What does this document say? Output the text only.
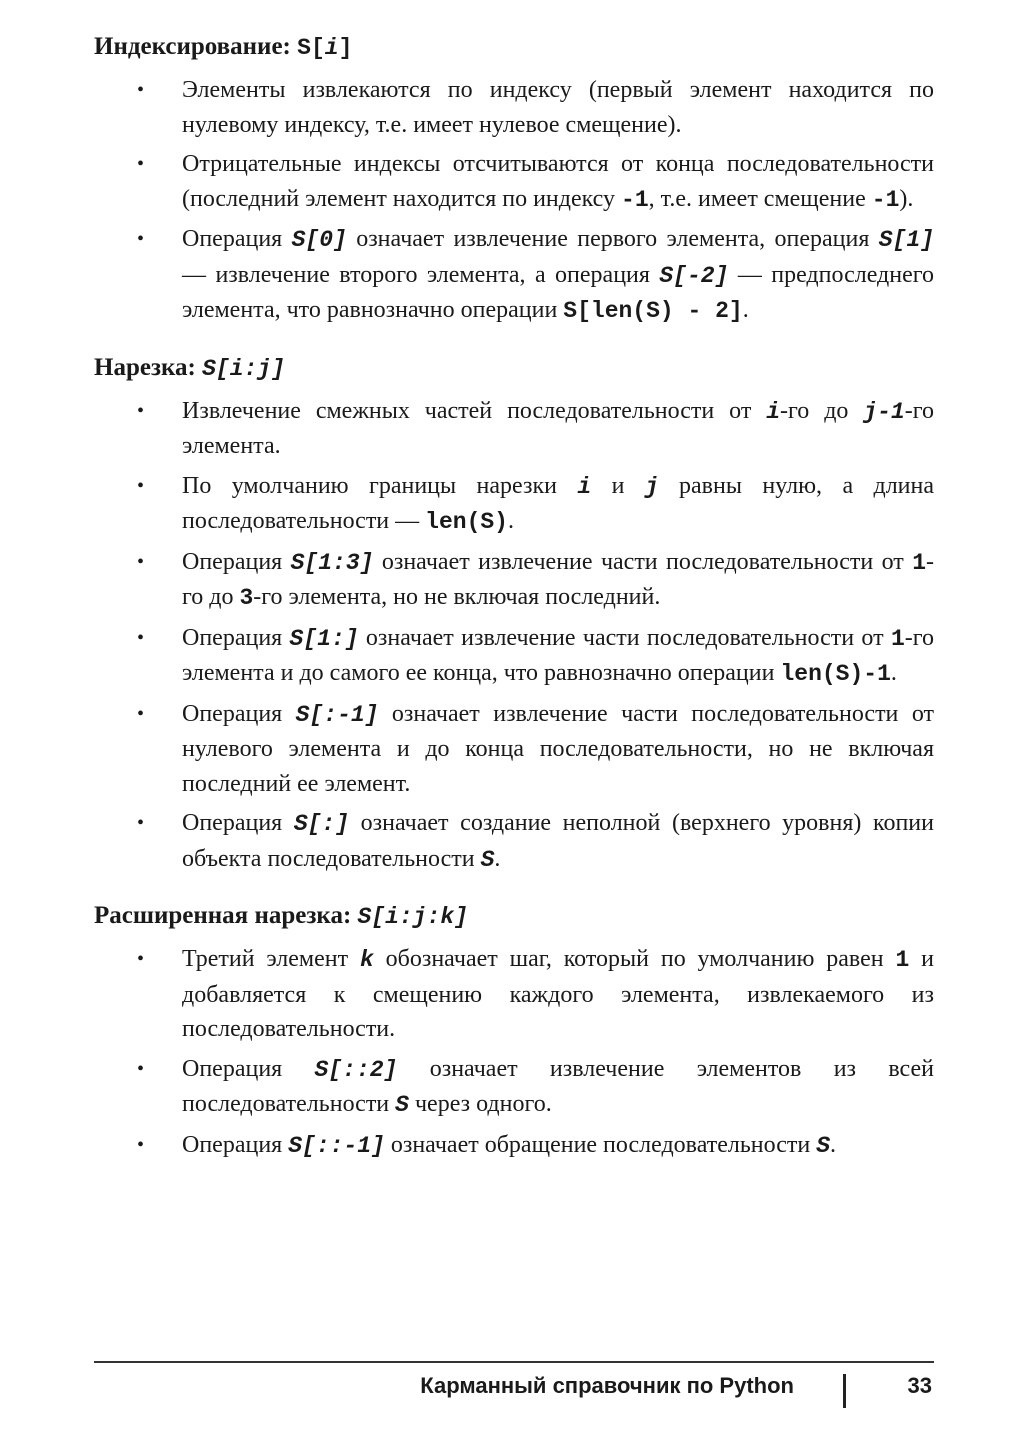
Индексирование: S[i]
• Элементы извлекаются по индексу (первый элемент находится по нулевому индексу, т.е. имеет нулевое смещение).
• Отрицательные индексы отсчитываются от конца последовательности (последний элемент находится по индексу -1, т.е. имеет смещение -1).
• Операция S[0] означает извлечение первого элемента, операция S[1] — извлечение второго элемента, а операция S[-2] — предпоследнего элемента, что равнозначно операции S[len(S) - 2].
Нарезка: S[i:j]
• Извлечение смежных частей последовательности от i-го до j-1-го элемента.
• По умолчанию границы нарезки i и j равны нулю, а длина последовательности — len(S).
• Операция S[1:3] означает извлечение части последовательности от 1-го до 3-го элемента, но не включая последний.
• Операция S[1:] означает извлечение части последовательности от 1-го элемента и до самого ее конца, что равнозначно операции len(S)-1.
• Операция S[:-1] означает извлечение части последовательности от нулевого элемента и до конца последовательности, но не включая последний ее элемент.
• Операция S[:] означает создание неполной (верхнего уровня) копии объекта последовательности S.
Расширенная нарезка: S[i:j:k]
• Третий элемент k обозначает шаг, который по умолчанию равен 1 и добавляется к смещению каждого элемента, извлекаемого из последовательности.
• Операция S[::2] означает извлечение элементов из всей последовательности S через одного.
• Операция S[::-1] означает обращение последовательности S.
Карманный справочник по Python	33
